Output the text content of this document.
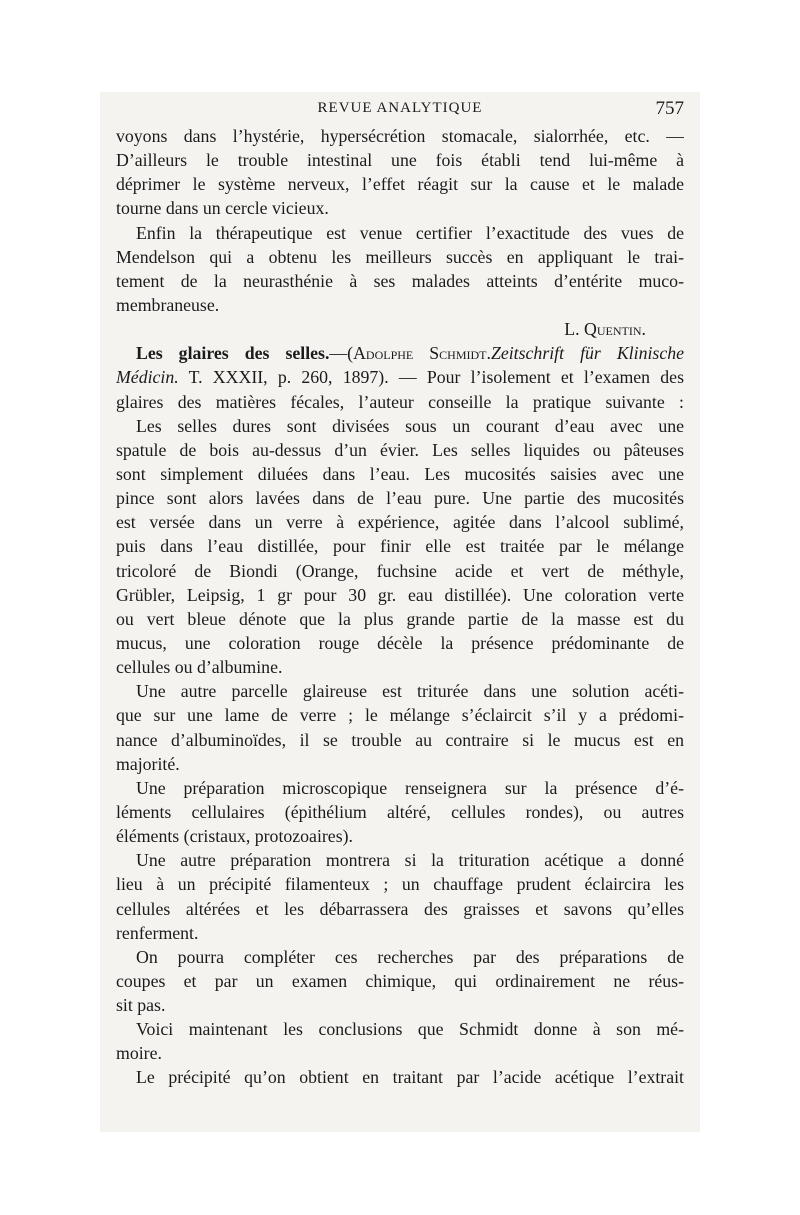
REVUE ANALYTIQUE	757
voyons dans l’hystérie, hypersécrétion stomacale, sialorrhée, etc. —
D’ailleurs le trouble intestinal une fois établi tend lui-même à
déprimer le système nerveux, l’effet réagit sur la cause et le malade
tourne dans un cercle vicieux.
Enfin la thérapeutique est venue certifier l’exactitude des vues de
Mendelson qui a obtenu les meilleurs succès en appliquant le trai-
tement de la neurasthénie à ses malades atteints d’entérite muco-
membraneuse.
L. Quentin.
Les glaires des selles.—(Adolphe Schmidt.Zeitschrift für Klinische
Médicin. T. XXXII, p. 260, 1897). — Pour l’isolement et l’examen des
glaires des matières fécales, l’auteur conseille la pratique suivante :
Les selles dures sont divisées sous un courant d’eau avec une
spatule de bois au-dessus d’un évier. Les selles liquides ou pâteuses
sont simplement diluées dans l’eau. Les mucosités saisies avec une
pince sont alors lavées dans de l’eau pure. Une partie des mucosités
est versée dans un verre à expérience, agitée dans l’alcool sublimé,
puis dans l’eau distillée, pour finir elle est traitée par le mélange
tricoloré de Biondi (Orange, fuchsine acide et vert de méthyle,
Grübler, Leipsig, 1 gr pour 30 gr. eau distillée). Une coloration verte
ou vert bleue dénote que la plus grande partie de la masse est du
mucus, une coloration rouge décèle la présence prédominante de
cellules ou d’albumine.
Une autre parcelle glaireuse est triturée dans une solution acéti-
que sur une lame de verre ; le mélange s’éclaircit s’il y a prédomi-
nance d’albuminoïdes, il se trouble au contraire si le mucus est en
majorité.
Une préparation microscopique renseignera sur la présence d’é-
léments cellulaires (épithélium altéré, cellules rondes), ou autres
éléments (cristaux, protozoaires).
Une autre préparation montrera si la trituration acétique a donné
lieu à un précipité filamenteux ; un chauffage prudent éclaircira les
cellules altérées et les débarrassera des graisses et savons qu’elles
renferment.
On pourra compléter ces recherches par des préparations de
coupes et par un examen chimique, qui ordinairement ne réus-
sit pas.
Voici maintenant les conclusions que Schmidt donne à son mé-
moire.
Le précipité qu’on obtient en traitant par l’acide acétique l’extrait
